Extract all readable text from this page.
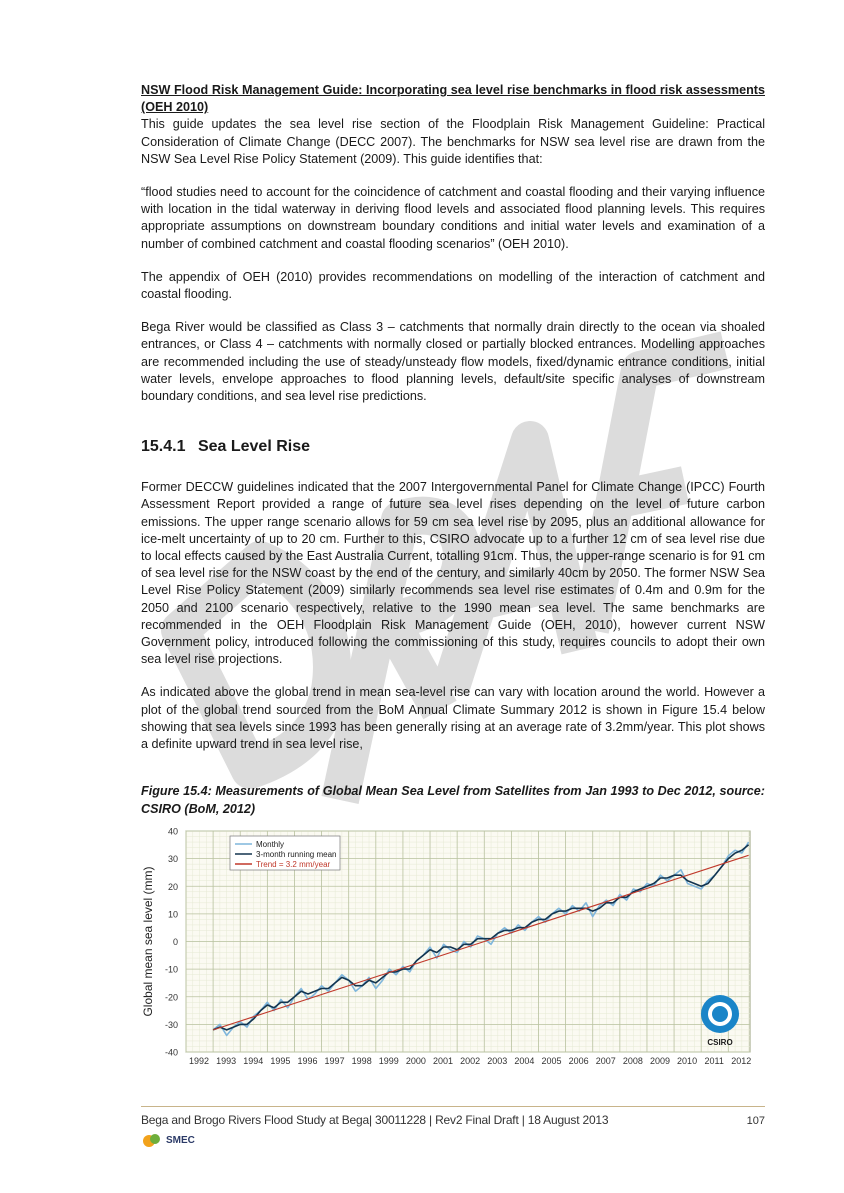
NSW Flood Risk Management Guide: Incorporating sea level rise benchmarks in flood risk assessments (OEH 2010)

This guide updates the sea level rise section of the Floodplain Risk Management Guideline: Practical Consideration of Climate Change (DECC 2007). The benchmarks for NSW sea level rise are drawn from the NSW Sea Level Rise Policy Statement (2009). This guide identifies that:

“flood studies need to account for the coincidence of catchment and coastal flooding and their varying influence with location in the tidal waterway in deriving flood levels and associated flood planning levels. This requires appropriate assumptions on downstream boundary conditions and initial water levels and examination of a number of combined catchment and coastal flooding scenarios” (OEH 2010).

The appendix of OEH (2010) provides recommendations on modelling of the interaction of catchment and coastal flooding.

Bega River would be classified as Class 3 – catchments that normally drain directly to the ocean via shoaled entrances, or Class 4 – catchments with normally closed or partially blocked entrances. Modelling approaches are recommended including the use of steady/unsteady flow models, fixed/dynamic entrance conditions, initial water levels, envelope approaches to flood planning levels, default/site specific analyses of downstream boundary conditions, and sea level rise predictions.

15.4.1 Sea Level Rise

Former DECCW guidelines indicated that the 2007 Intergovernmental Panel for Climate Change (IPCC) Fourth Assessment Report provided a range of future sea level rises depending on the level of future carbon emissions. The upper range scenario allows for 59 cm sea level rise by 2095, plus an additional allowance for ice-melt uncertainty of up to 20 cm. Further to this, CSIRO advocate up to a further 12 cm of sea level rise due to local effects caused by the East Australia Current, totalling 91cm. Thus, the upper-range scenario is for 91 cm of sea level rise for the NSW coast by the end of the century, and similarly 40cm by 2050. The former NSW Sea Level Rise Policy Statement (2009) similarly recommends sea level rise estimates of 0.4m and 0.9m for the 2050 and 2100 scenario respectively, relative to the 1990 mean sea level. The same benchmarks are recommended in the OEH Floodplain Risk Management Guide (OEH, 2010), however current NSW Government policy, introduced following the commissioning of this study, requires councils to adopt their own sea level rise projections.

As indicated above the global trend in mean sea-level rise can vary with location around the world. However a plot of the global trend sourced from the BoM Annual Climate Summary 2012 is shown in Figure 15.4 below showing that sea levels since 1993 has been generally rising at an average rate of 3.2mm/year. This plot shows a definite upward trend in sea level rise,

Figure 15.4: Measurements of Global Mean Sea Level from Satellites from Jan 1993 to Dec 2012, source: CSIRO (BoM, 2012)

40
30
20
10
0
-10
-20
-30
-40
1992 1993 1994 1995 1996 1997 1998 1999 2000 2001 2002 2003 2004 2005 2006 2007 2008 2009 2010 2011 2012
Global mean sea level (mm)
Monthly
3-month running mean
Trend = 3.2 mm/year
CSIRO
Bega and Brogo Rivers Flood Study at Bega| 30011228 | Rev2 Final Draft | 18 August 2013	107
SMEC
